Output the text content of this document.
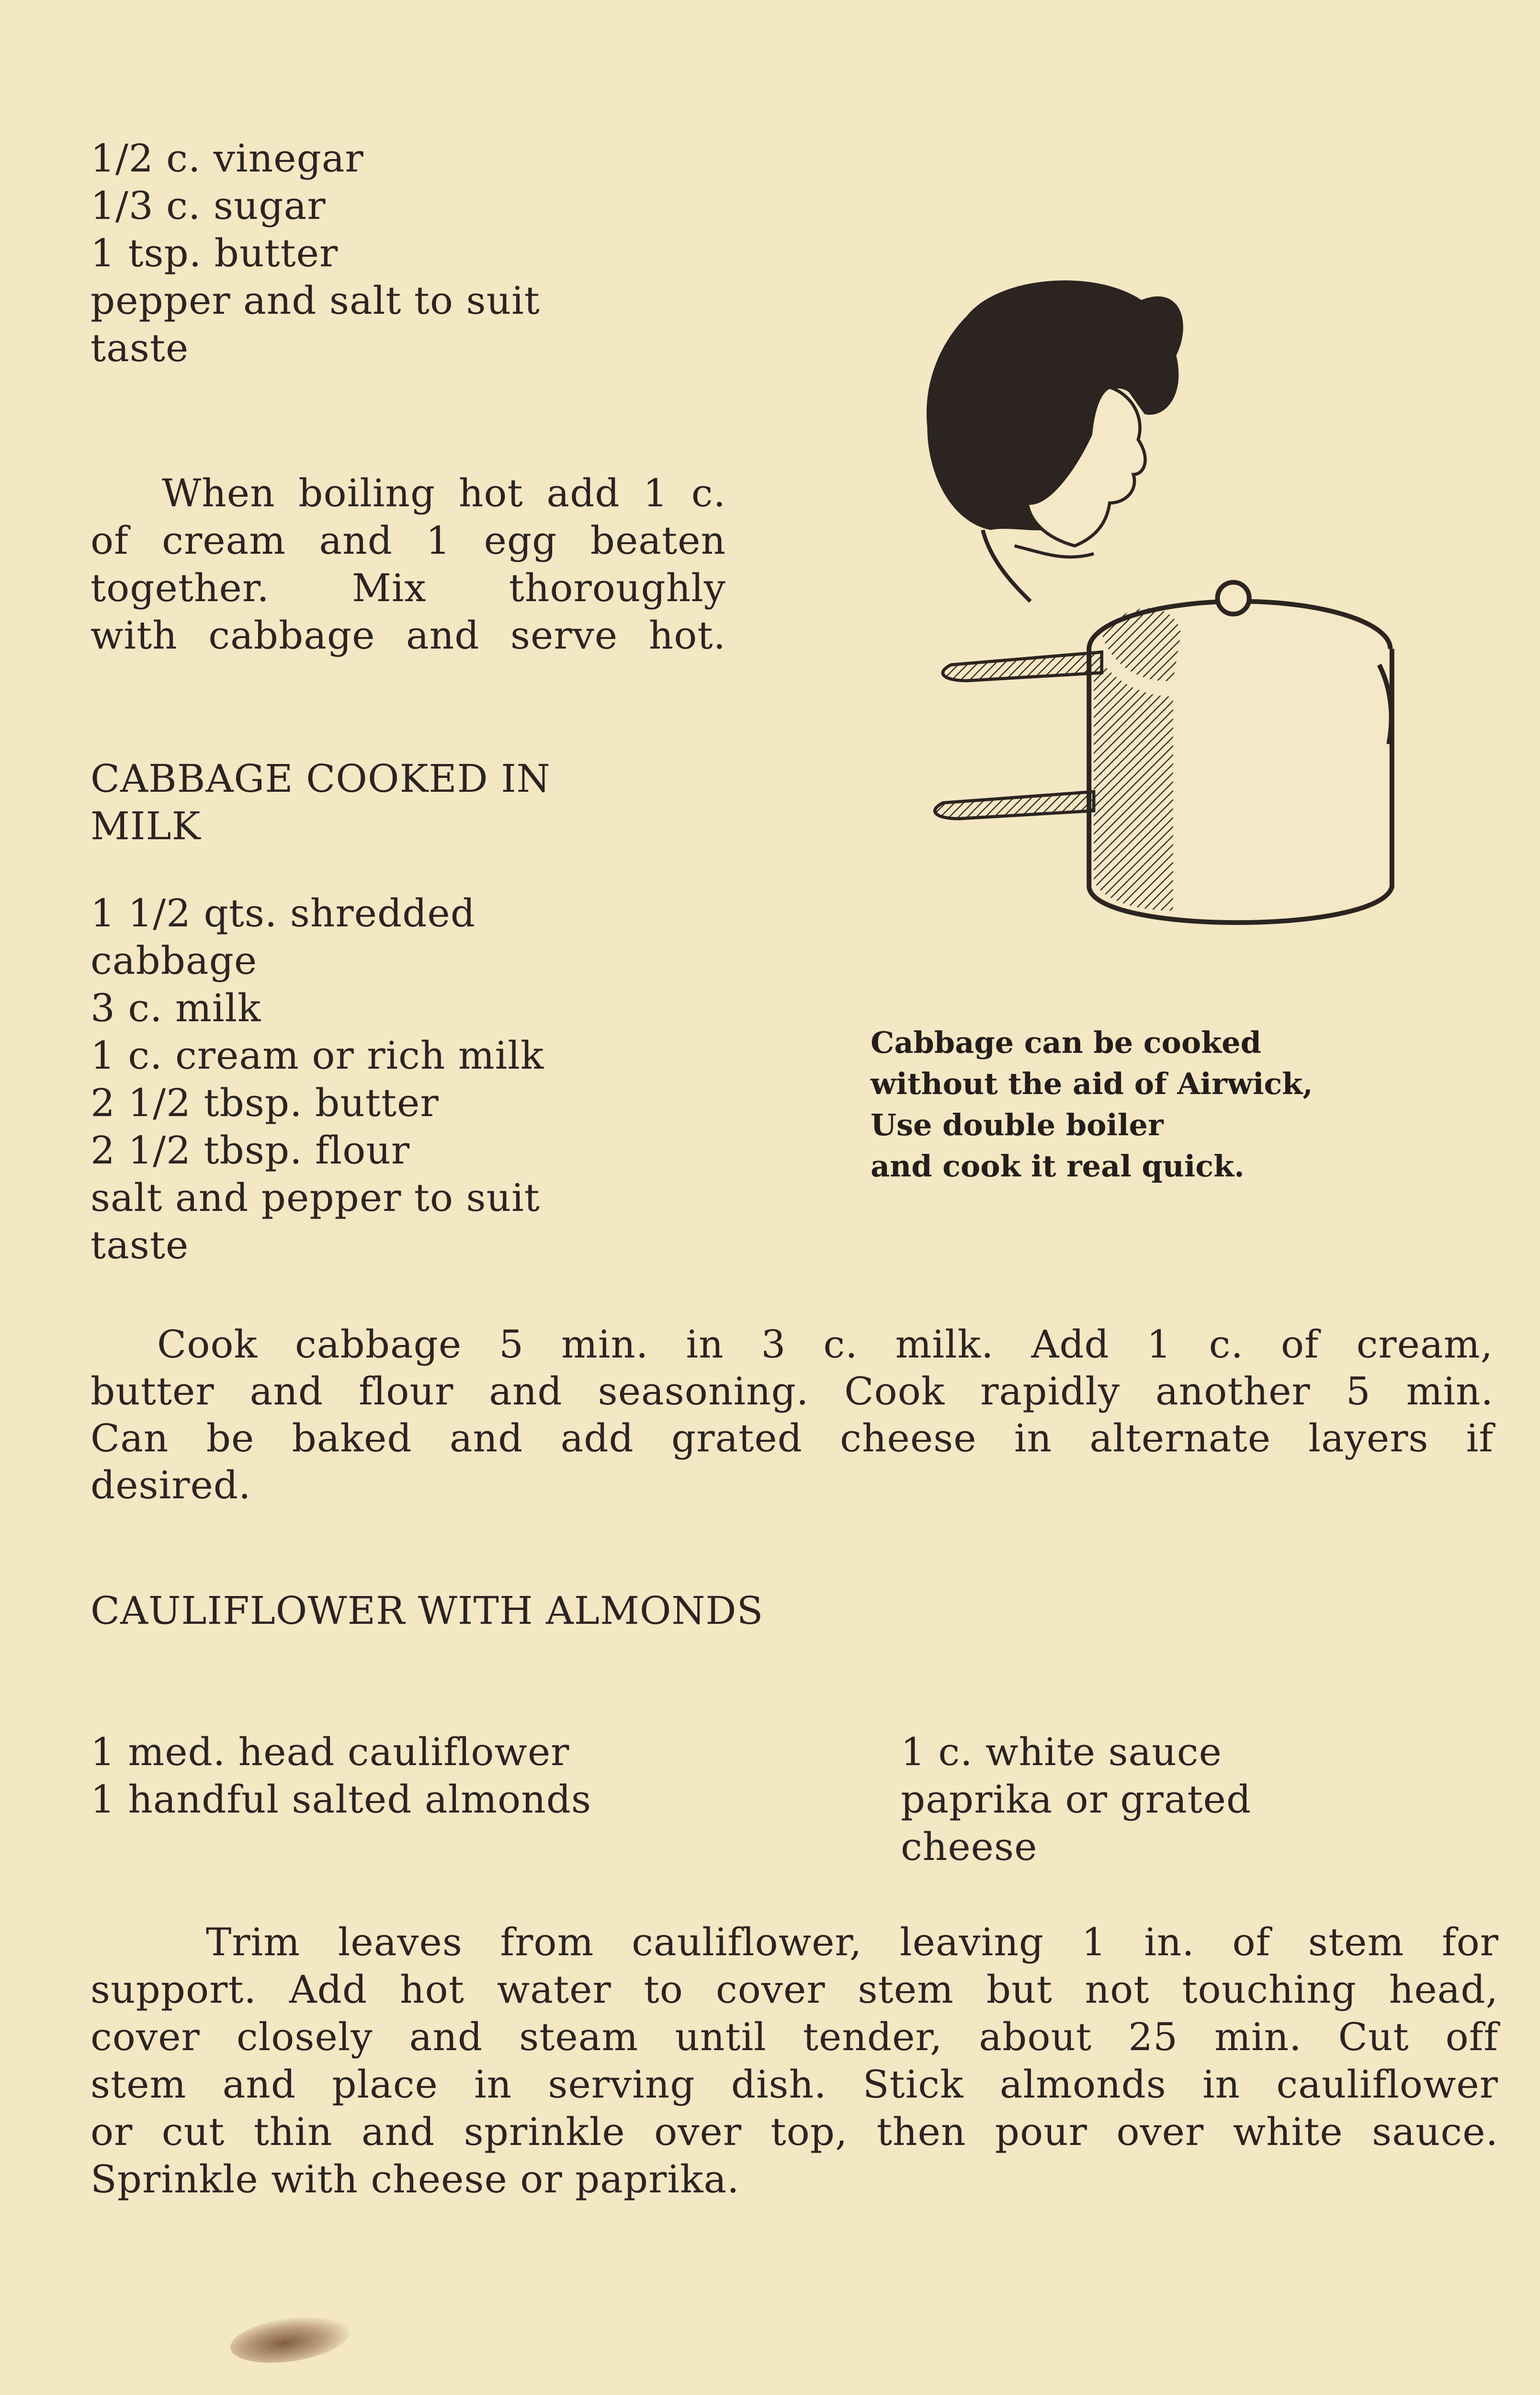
1/2 c. vinegar
1/3 c. sugar
1 tsp. butter
pepper and salt to suit
taste
When boiling hot add 1 c.
of cream and 1 egg beaten
together. Mix thoroughly
with cabbage and serve hot.
CABBAGE COOKED IN
MILK
1 1/2 qts. shredded
cabbage
3 c. milk
1 c. cream or rich milk
2 1/2 tbsp. butter
2 1/2 tbsp. flour
salt and pepper to suit
taste
Cook cabbage 5 min. in 3 c. milk. Add 1 c. of cream,
butter and flour and seasoning. Cook rapidly another 5 min.
Can be baked and add grated cheese in alternate layers if
desired.
CAULIFLOWER WITH ALMONDS
1 med. head cauliflower
1 handful salted almonds
1 c. white sauce
paprika or grated
cheese
Trim leaves from cauliflower, leaving 1 in. of stem for
support. Add hot water to cover stem but not touching head,
cover closely and steam until tender, about 25 min. Cut off
stem and place in serving dish. Stick almonds in cauliflower
or cut thin and sprinkle over top, then pour over white sauce.
Sprinkle with cheese or paprika.
Cabbage can be cooked
without the aid of Airwick,
Use double boiler
and cook it real quick.
